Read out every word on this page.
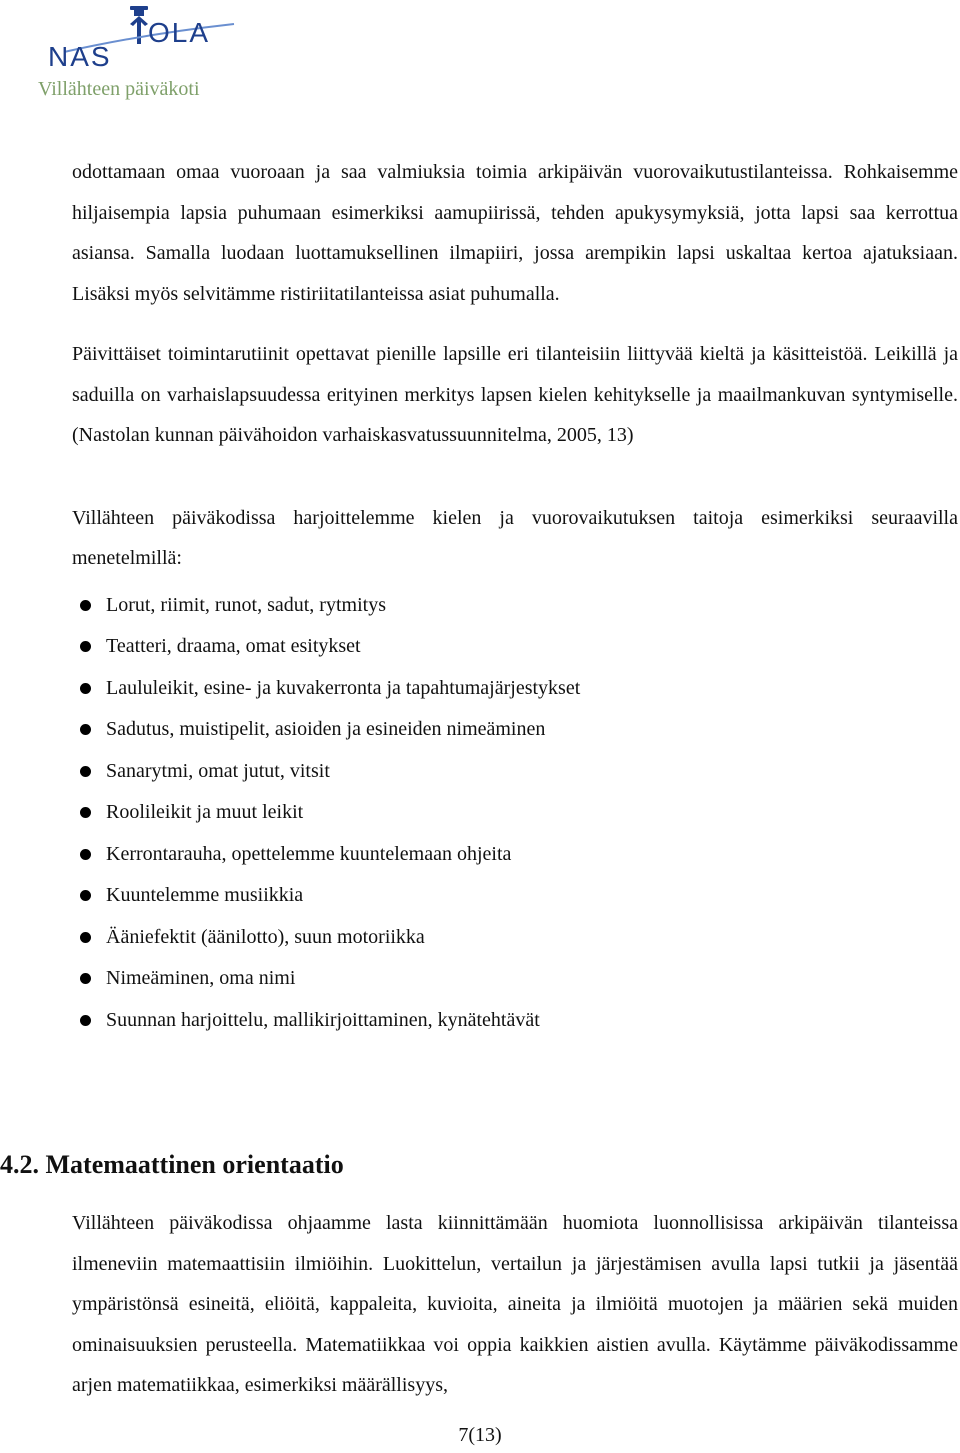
NAS
OLA
Villähteen päiväkoti

odottamaan omaa vuoroaan ja saa valmiuksia toimia arkipäivän vuorovaikutustilanteissa. Rohkaisemme hiljaisempia lapsia puhumaan esimerkiksi aamupiirissä, tehden apukysymyksiä, jotta lapsi saa kerrottua asiansa. Samalla luodaan luottamuksellinen ilmapiiri, jossa arempikin lapsi uskaltaa kertoa ajatuksiaan. Lisäksi myös selvitämme ristiriitatilanteissa asiat puhumalla.

Päivittäiset toimintarutiinit opettavat pienille lapsille eri tilanteisiin liittyvää kieltä ja käsitteistöä. Leikillä ja saduilla on varhaislapsuudessa erityinen merkitys lapsen kielen kehitykselle ja maailmankuvan syntymiselle. (Nastolan kunnan päivähoidon varhaiskasvatussuunnitelma, 2005, 13)

Villähteen päiväkodissa harjoittelemme kielen ja vuorovaikutuksen taitoja esimerkiksi seuraavilla menetelmillä:

Lorut, riimit, runot, sadut, rytmitys
Teatteri, draama, omat esitykset
Laululeikit, esine- ja kuvakerronta ja tapahtumajärjestykset
Sadutus, muistipelit, asioiden ja esineiden nimeäminen
Sanarytmi, omat jutut, vitsit
Roolileikit ja muut leikit
Kerrontarauha, opettelemme kuuntelemaan ohjeita
Kuuntelemme musiikkia
Ääniefektit (äänilotto), suun motoriikka
Nimeäminen, oma nimi
Suunnan harjoittelu, mallikirjoittaminen, kynätehtävät
4.2. Matemaattinen orientaatio

Villähteen päiväkodissa ohjaamme lasta kiinnittämään huomiota luonnollisissa arkipäivän tilanteissa ilmeneviin matemaattisiin ilmiöihin. Luokittelun, vertailun ja järjestämisen avulla lapsi tutkii ja jäsentää ympäristönsä esineitä, eliöitä, kappaleita, kuvioita, aineita ja ilmiöitä muotojen ja määrien sekä muiden ominaisuuksien perusteella. Matematiikkaa voi oppia kaikkien aistien avulla. Käytämme päiväkodissamme arjen matematiikkaa, esimerkiksi määrällisyys,

7(13)
